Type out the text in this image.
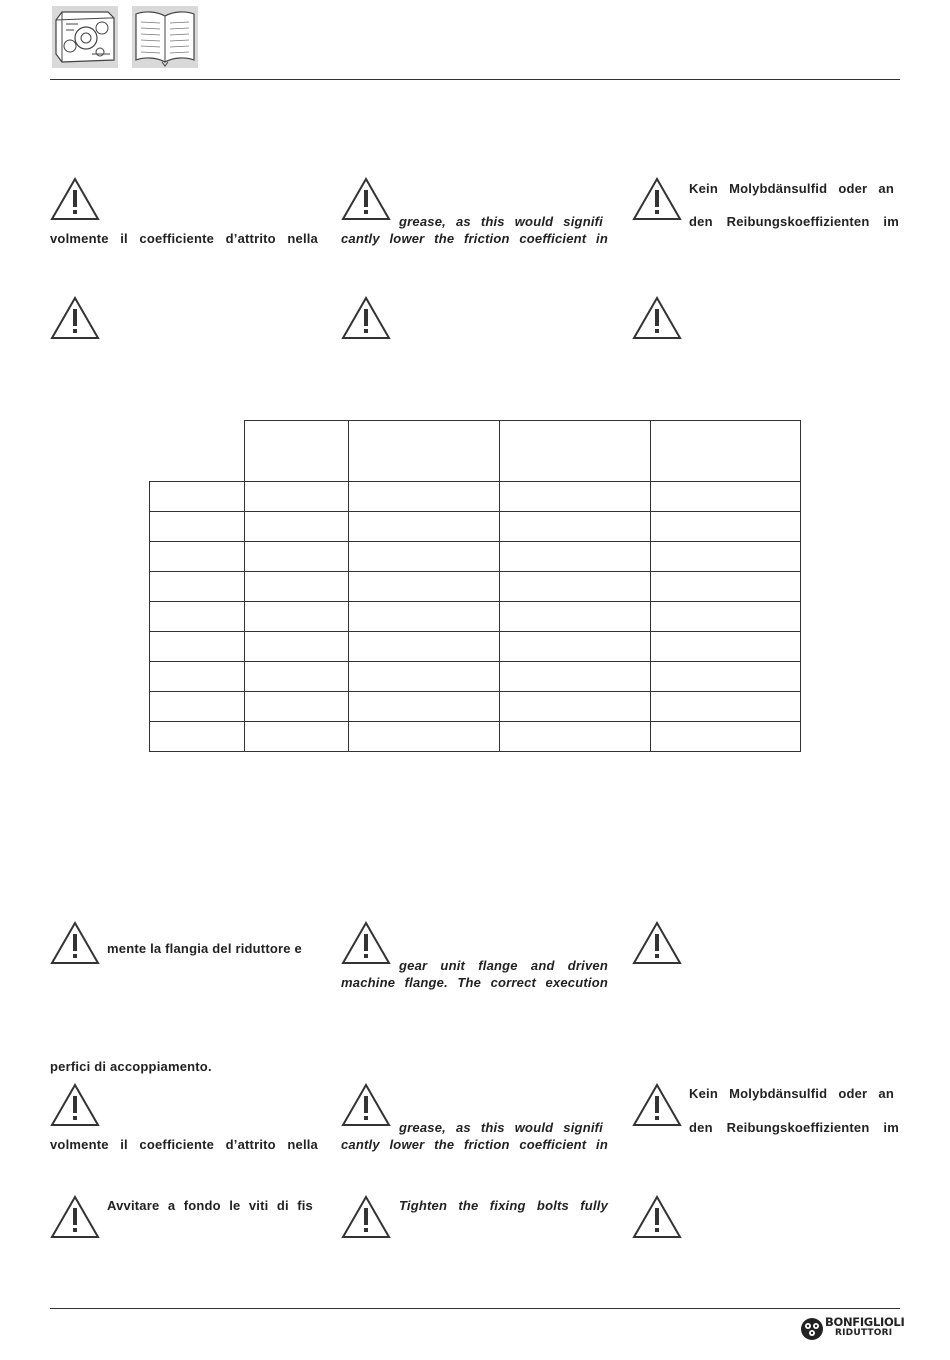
volmente il coefficiente d’attrito nella
grease, as this would signifi
cantly lower the friction coefficient in
Kein Molybdänsulfid oder an
den Reibungskoeffizienten im

mente la flangia del riduttore e
gear unit flange and driven
machine flange. The correct execution
perfici di accoppiamento.
volmente il coefficiente d’attrito nella
grease, as this would signifi
cantly lower the friction coefficient in
Kein Molybdänsulfid oder an
den Reibungskoeffizienten im
Avvitare a fondo le viti di fis	Tighten the fixing bolts fully
BONFIGLIOLI
RIDUTTORI
